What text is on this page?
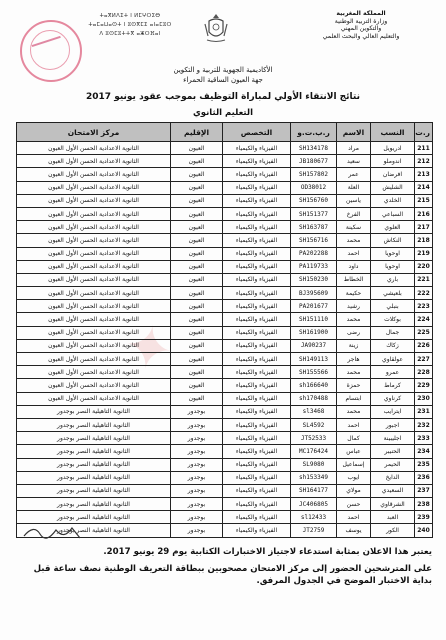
المملكة المغربية
وزارة التربية الوطنية
والتكوين المهني
والتعليم العالي والبحث العلمي
ⵜⴰⴳⵍⴷⵉⵜ ⵏ ⵍⵎⵖⵔⵉⴱ
ⵜⴰⵎⴰⵡⴰⵙⵜ ⵏ ⵓⵙⴳⵎⵉ ⴰⵏⴰⵎⵓⵔ
ⴷ ⵓⵙⵎⵓⵜⵜⴳ ⴰⵥⵔⴼⴰⵏ
الأكاديمية الجهوية للتربية و التكوين
جهة العيون الساقية الحمراء
نتائج الانتقاء الأولي لمباراة التوظيف بموجب عقود يونيو 2017
التعليم الثانوي
✦
ر.ت	النسب	الاسم	ر.ب.ت.و	التخصص	الإقليم	مركز الامتحان
211	ادريويل	مراد	SH134178	الفيزياء والكيمياء	العيون	الثانوية الاعدادية الحسن الأول العيون
212	اندوملو	سعيد	JB180677	الفيزياء والكيمياء	العيون	الثانوية الاعدادية الحسن الأول العيون
213	افرضان	عمر	SH157802	الفيزياء والكيمياء	العيون	الثانوية الاعدادية الحسن الأول العيون
214	الشليش	العلة	OD38012	الفيزياء والكيمياء	العيون	الثانوية الاعدادية الحسن الأول العيون
215	الخلدي	ياسين	SH156760	الفيزياء والكيمياء	العيون	الثانوية الاعدادية الحسن الأول العيون
216	السباعي	الفرخ	SH151377	الفيزياء والكيمياء	العيون	الثانوية الاعدادية الحسن الأول العيون
217	العلوي	سكينة	SH163787	الفيزياء والكيمياء	العيون	الثانوية الاعدادية الحسن الأول العيون
218	النكاش	محمد	SH156716	الفيزياء والكيمياء	العيون	الثانوية الاعدادية الحسن الأول العيون
219	اوحويا	احمد	PA202288	الفيزياء والكيمياء	العيون	الثانوية الاعدادية الحسن الأول العيون
220	اوحويا	داود	PA119733	الفيزياء والكيمياء	العيون	الثانوية الاعدادية الحسن الأول العيون
221	باري	الخطاط	SH150230	الفيزياء والكيمياء	العيون	الثانوية الاعدادية الحسن الأول العيون
222	بلعيشي	حكيمة	BJ395609	الفيزياء والكيمياء	العيون	الثانوية الاعدادية الحسن الأول العيون
223	بنبلي	رشيد	PA201677	الفيزياء والكيمياء	العيون	الثانوية الاعدادية الحسن الأول العيون
224	بوكلات	محمد	SH151110	الفيزياء والكيمياء	العيون	الثانوية الاعدادية الحسن الأول العيون
225	جمال	رضى	SH161900	الفيزياء والكيمياء	العيون	الثانوية الاعدادية الحسن الأول العيون
226	زكاك	زينة	JA90237	الفيزياء والكيمياء	العيون	الثانوية الاعدادية الحسن الأول العيون
227	عولقاوي	هاجر	SH149113	الفيزياء والكيمياء	العيون	الثانوية الاعدادية الحسن الأول العيون
228	عمرو	محمد	SH155566	الفيزياء والكيمياء	العيون	الثانوية الاعدادية الحسن الأول العيون
229	كرماط	حمزة	sh166640	الفيزياء والكيمياء	العيون	الثانوية الاعدادية الحسن الأول العيون
230	كرناوي	ابتسام	sh170488	الفيزياء والكيمياء	العيون	الثانوية الاعدادية الحسن الأول العيون
231	ايترايب	محمد	sl3468	الفيزياء والكيمياء	بوجدور	الثانوية التاهيلية النصر بوجدور
232	اجبور	احمد	SL4592	الفيزياء والكيمياء	بوجدور	الثانوية التاهيلية النصر بوجدور
233	اجليبينة	كمال	JT52533	الفيزياء والكيمياء	بوجدور	الثانوية التاهيلية النصر بوجدور
234	الحنيبر	عباس	MC176424	الفيزياء والكيمياء	بوجدور	الثانوية التاهيلية النصر بوجدور
235	الحيمر	إسماعيل	SL9080	الفيزياء والكيمياء	بوجدور	الثانوية التاهيلية النصر بوجدور
236	الدايخ	ايوب	sh153349	الفيزياء والكيمياء	بوجدور	الثانوية التاهيلية النصر بوجدور
237	السعيدي	مولاي	SH164177	الفيزياء والكيمياء	بوجدور	الثانوية التاهيلية النصر بوجدور
238	الشرقاوي	حسن	JC406805	الفيزياء والكيمياء	بوجدور	الثانوية التاهيلية النصر بوجدور
239	العبد	احمد	sl12433	الفيزياء والكيمياء	بوجدور	الثانوية التاهيلية النصر بوجدور
240	الكور	يوسف	JT2759	الفيزياء والكيمياء	بوجدور	الثانوية التاهيلية النصر بوجدور
يعتبر هذا الاعلان بمثابة استدعاء لاجتياز الاختبارات الكتابية يوم 29 يونيو 2017.
على المترشحين الحضور إلى مركز الامتحان مصحوبين ببطاقة التعريف الوطنية نصف ساعة قبل بداية الاختبار الموضح في الجدول المرفق.
